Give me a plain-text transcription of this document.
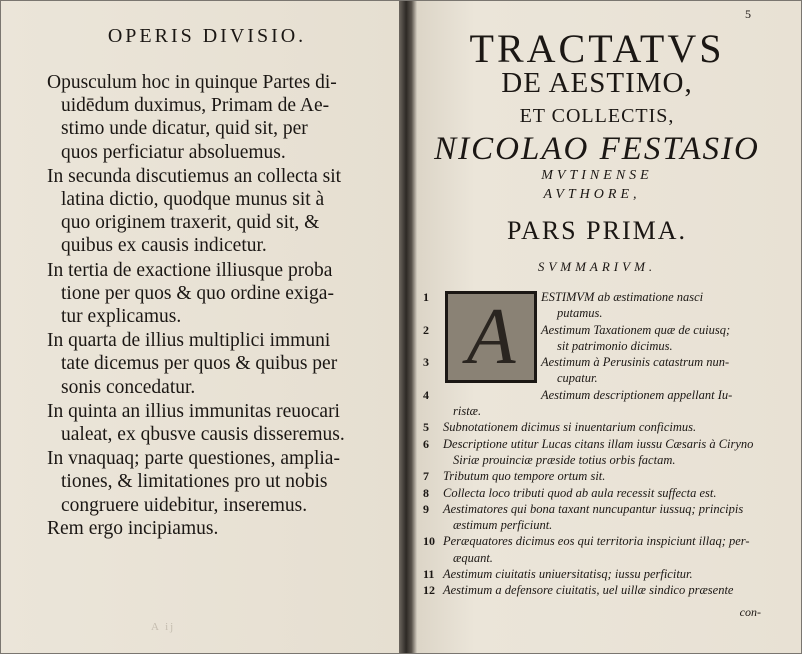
OPERIS DIVISIO.
Opusculum hoc in quinque Partes di-
uidēdum duximus, Primam de Ae-
stimo unde dicatur, quid sit, per
quos perficiatur absoluemus.
In secunda discutiemus an collecta sit
latina dictio, quodque munus sit à
quo originem traxerit, quid sit, &
quibus ex causis indicetur.
In tertia de exactione illiusque proba
tione per quos & quo ordine exiga-
tur explicamus.
In quarta de illius multiplici immuni
tate dicemus per quos & quibus per
sonis concedatur.
In quinta an illius immunitas reuocari
ualeat, ex qbusve causis disseremus.
In vnaquaq; parte questiones, amplia-
tiones, & limitationes pro ut nobis
congruere uidebitur, inseremus.
Rem ergo incipiamus.
A ij
5
TRACTATVS
DE AESTIMO,
ET COLLECTIS,
NICOLAO FESTASIO
MVTINENSE
AVTHORE,
PARS PRIMA.
SVMMARIVM.
1	ESTIMVM ab æstimatione nasci
putamus.
2	Aestimum Taxationem quæ de cuiusq;
sit patrimonio dicimus.
3	Aestimum à Perusinis catastrum nun-
cupatur.
4	Aestimum descriptionem appellant Iu-
ristæ.
5	Subnotationem dicimus si inuentarium conficimus.
6	Descriptione utitur Lucas citans illam iussu Cæsaris à Ciryno
Siriæ prouinciæ præside totius orbis factam.
7	Tributum quo tempore ortum sit.
8	Collecta loco tributi quod ab aula recessit suffecta est.
9	Aestimatores qui bona taxant nuncupantur iussuq; principis
æstimum perficiunt.
10 Peræquatores dicimus eos qui territoria inspiciunt illaq; per-
æquant.
11 Aestimum ciuitatis uniuersitatisq; iussu perficitur.
12 Aestimum a defensore ciuitatis, uel uillæ sindico præsente
A
con-
